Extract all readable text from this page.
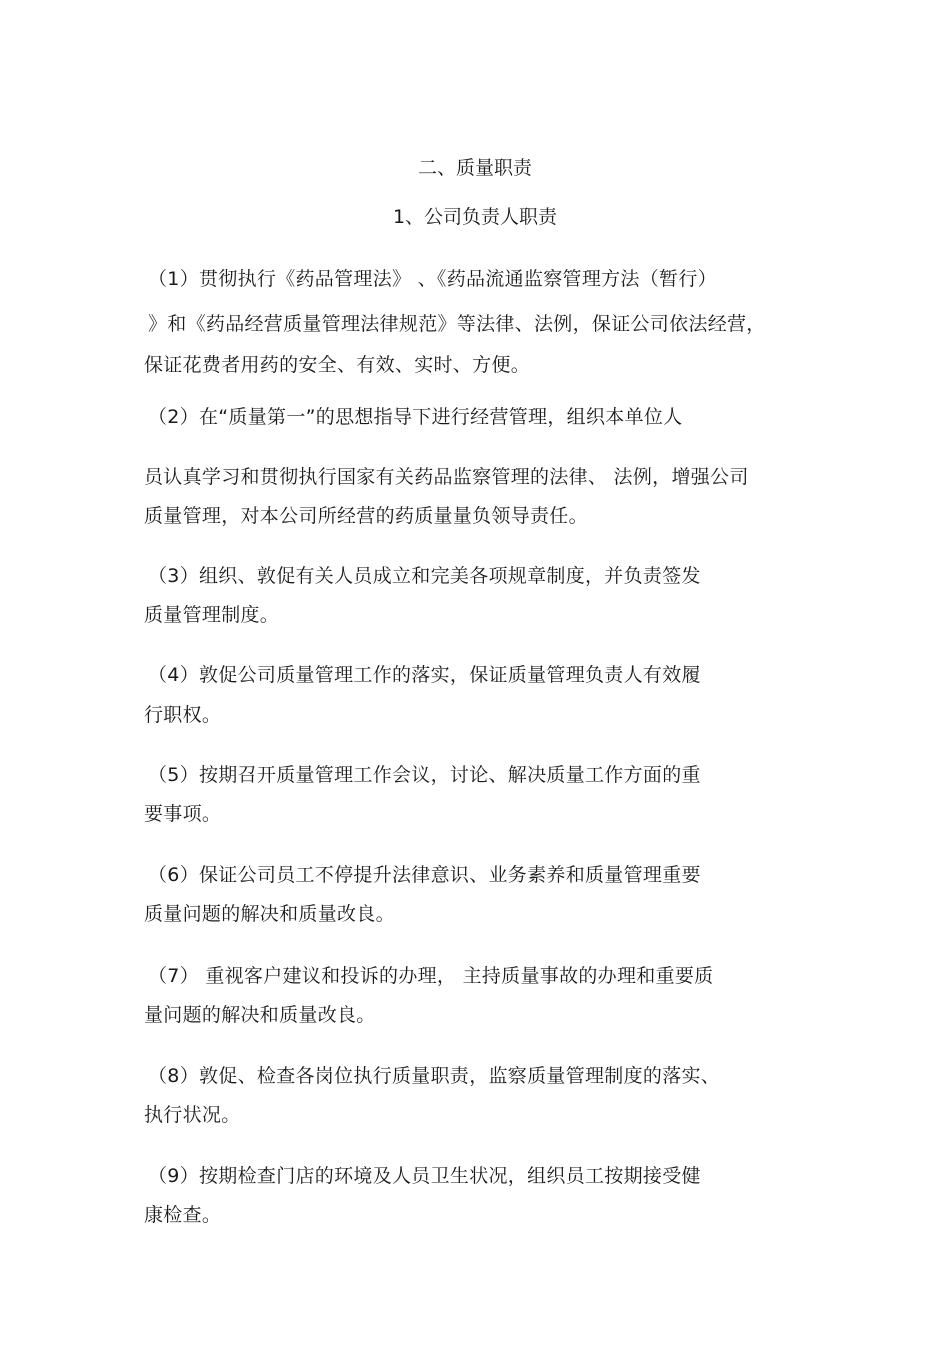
二、质量职责
1、公司负责人职责
（1）贯彻执行《药品管理法》 、《药品流通监察管理方法（暂行）
》和《药品经营质量管理法律规范》等法律、法例，保证公司依法经营，
保证花费者用药的安全、有效、实时、方便。
（2）在“质量第一”的思想指导下进行经营管理，组织本单位人
员认真学习和贯彻执行国家有关药品监察管理的法律、 法例，增强公司
质量管理，对本公司所经营的药质量量负领导责任。
（3）组织、敦促有关人员成立和完美各项规章制度，并负责签发
质量管理制度。
（4）敦促公司质量管理工作的落实，保证质量管理负责人有效履
行职权。
（5）按期召开质量管理工作会议，讨论、解决质量工作方面的重
要事项。
（6）保证公司员工不停提升法律意识、业务素养和质量管理重要
质量问题的解决和质量改良。
（7） 重视客户建议和投诉的办理， 主持质量事故的办理和重要质
量问题的解决和质量改良。
（8）敦促、检查各岗位执行质量职责，监察质量管理制度的落实、
执行状况。
（9）按期检查门店的环境及人员卫生状况，组织员工按期接受健
康检查。
